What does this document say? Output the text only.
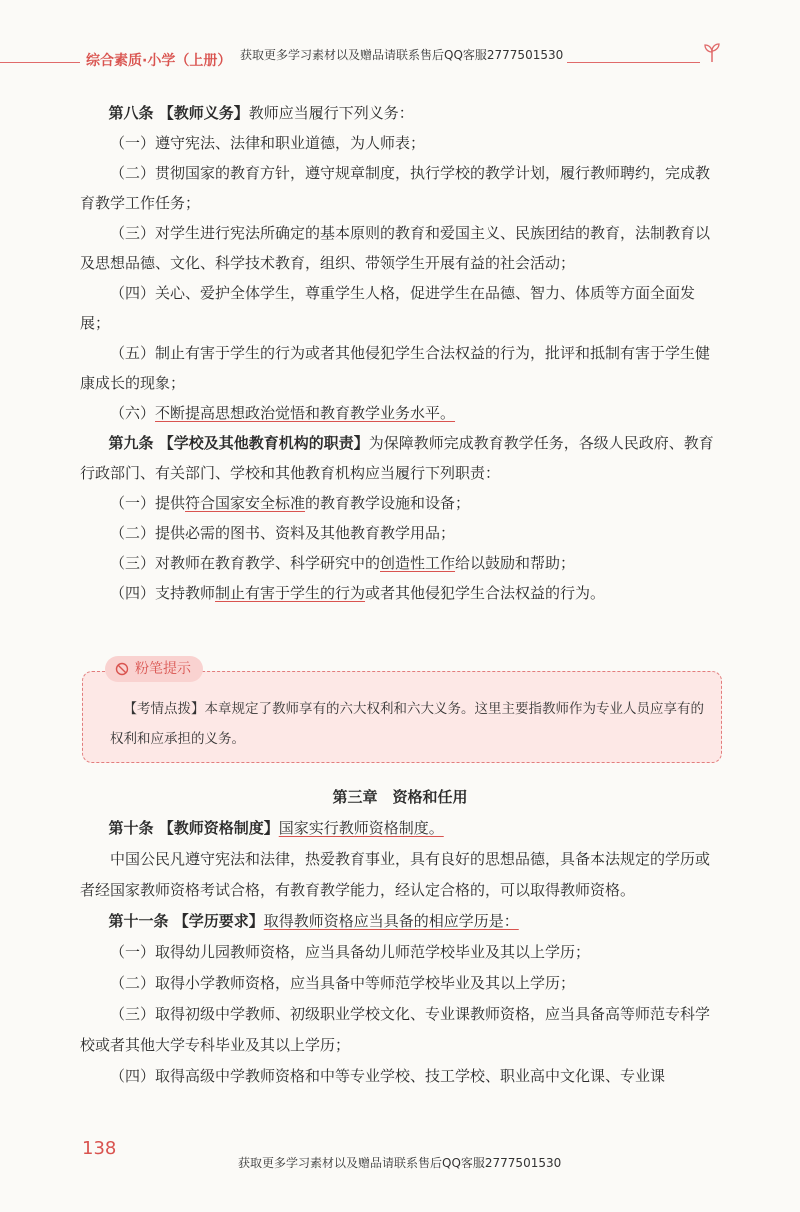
综合素质·小学（上册） 获取更多学习素材以及赠品请联系售后QQ客服2777501530

第八条 【教师义务】教师应当履行下列义务：

（一）遵守宪法、法律和职业道德，为人师表；

（二）贯彻国家的教育方针，遵守规章制度，执行学校的教学计划，履行教师聘约，完成教育教学工作任务；

（三）对学生进行宪法所确定的基本原则的教育和爱国主义、民族团结的教育，法制教育以及思想品德、文化、科学技术教育，组织、带领学生开展有益的社会活动；

（四）关心、爱护全体学生，尊重学生人格，促进学生在品德、智力、体质等方面全面发展；

（五）制止有害于学生的行为或者其他侵犯学生合法权益的行为，批评和抵制有害于学生健康成长的现象；

（六）不断提高思想政治觉悟和教育教学业务水平。

第九条 【学校及其他教育机构的职责】为保障教师完成教育教学任务，各级人民政府、教育行政部门、有关部门、学校和其他教育机构应当履行下列职责：

（一）提供符合国家安全标准的教育教学设施和设备；

（二）提供必需的图书、资料及其他教育教学用品；

（三）对教师在教育教学、科学研究中的创造性工作给以鼓励和帮助；

（四）支持教师制止有害于学生的行为或者其他侵犯学生合法权益的行为。

粉笔提示

【考情点拨】本章规定了教师享有的六大权利和六大义务。这里主要指教师作为专业人员应享有的权利和应承担的义务。

第三章　资格和任用

第十条 【教师资格制度】国家实行教师资格制度。

中国公民凡遵守宪法和法律，热爱教育事业，具有良好的思想品德，具备本法规定的学历或者经国家教师资格考试合格，有教育教学能力，经认定合格的，可以取得教师资格。

第十一条 【学历要求】取得教师资格应当具备的相应学历是：

（一）取得幼儿园教师资格，应当具备幼儿师范学校毕业及其以上学历；

（二）取得小学教师资格，应当具备中等师范学校毕业及其以上学历；

（三）取得初级中学教师、初级职业学校文化、专业课教师资格，应当具备高等师范专科学校或者其他大学专科毕业及其以上学历；

（四）取得高级中学教师资格和中等专业学校、技工学校、职业高中文化课、专业课

138
获取更多学习素材以及赠品请联系售后QQ客服2777501530
